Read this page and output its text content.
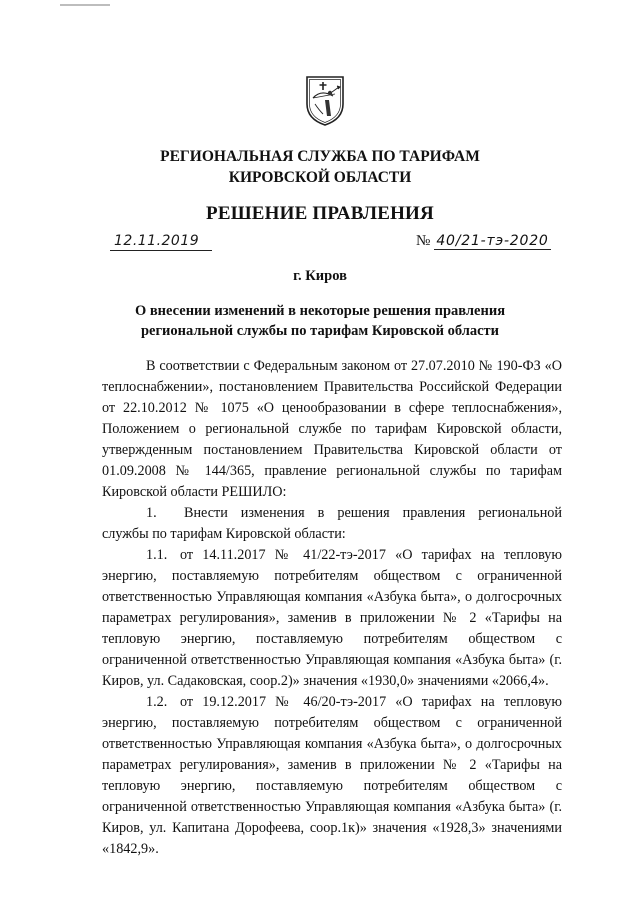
РЕГИОНАЛЬНАЯ СЛУЖБА ПО ТАРИФАМ
КИРОВСКОЙ ОБЛАСТИ
РЕШЕНИЕ ПРАВЛЕНИЯ
12.11.2019	№ 40/21-тэ-2020
г. Киров
О внесении изменений в некоторые решения правления
региональной службы по тарифам Кировской области

В соответствии с Федеральным законом от 27.07.2010 № 190-ФЗ «О теплоснабжении», постановлением Правительства Российской Федерации от 22.10.2012 № 1075 «О ценообразовании в сфере теплоснабжения», Положением о региональной службе по тарифам Кировской области, утвержденным постановлением Правительства Кировской области от 01.09.2008 № 144/365, правление региональной службы по тарифам Кировской области РЕШИЛО:

1. Внести изменения в решения правления региональной службы по тарифам Кировской области:

1.1. от 14.11.2017 № 41/22-тэ-2017 «О тарифах на тепловую энергию, поставляемую потребителям обществом с ограниченной ответственностью Управляющая компания «Азбука быта», о долгосрочных параметрах регулирования», заменив в приложении № 2 «Тарифы на тепловую энергию, поставляемую потребителям обществом с ограниченной ответственностью Управляющая компания «Азбука быта» (г. Киров, ул. Садаковская, соор.2)» значения «1930,0» значениями «2066,4».

1.2. от 19.12.2017 № 46/20-тэ-2017 «О тарифах на тепловую энергию, поставляемую потребителям обществом с ограниченной ответственностью Управляющая компания «Азбука быта», о долгосрочных параметрах регулирования», заменив в приложении № 2 «Тарифы на тепловую энергию, поставляемую потребителям обществом с ограниченной ответственностью Управляющая компания «Азбука быта» (г. Киров, ул. Капитана Дорофеева, соор.1к)» значения «1928,3» значениями «1842,9».
